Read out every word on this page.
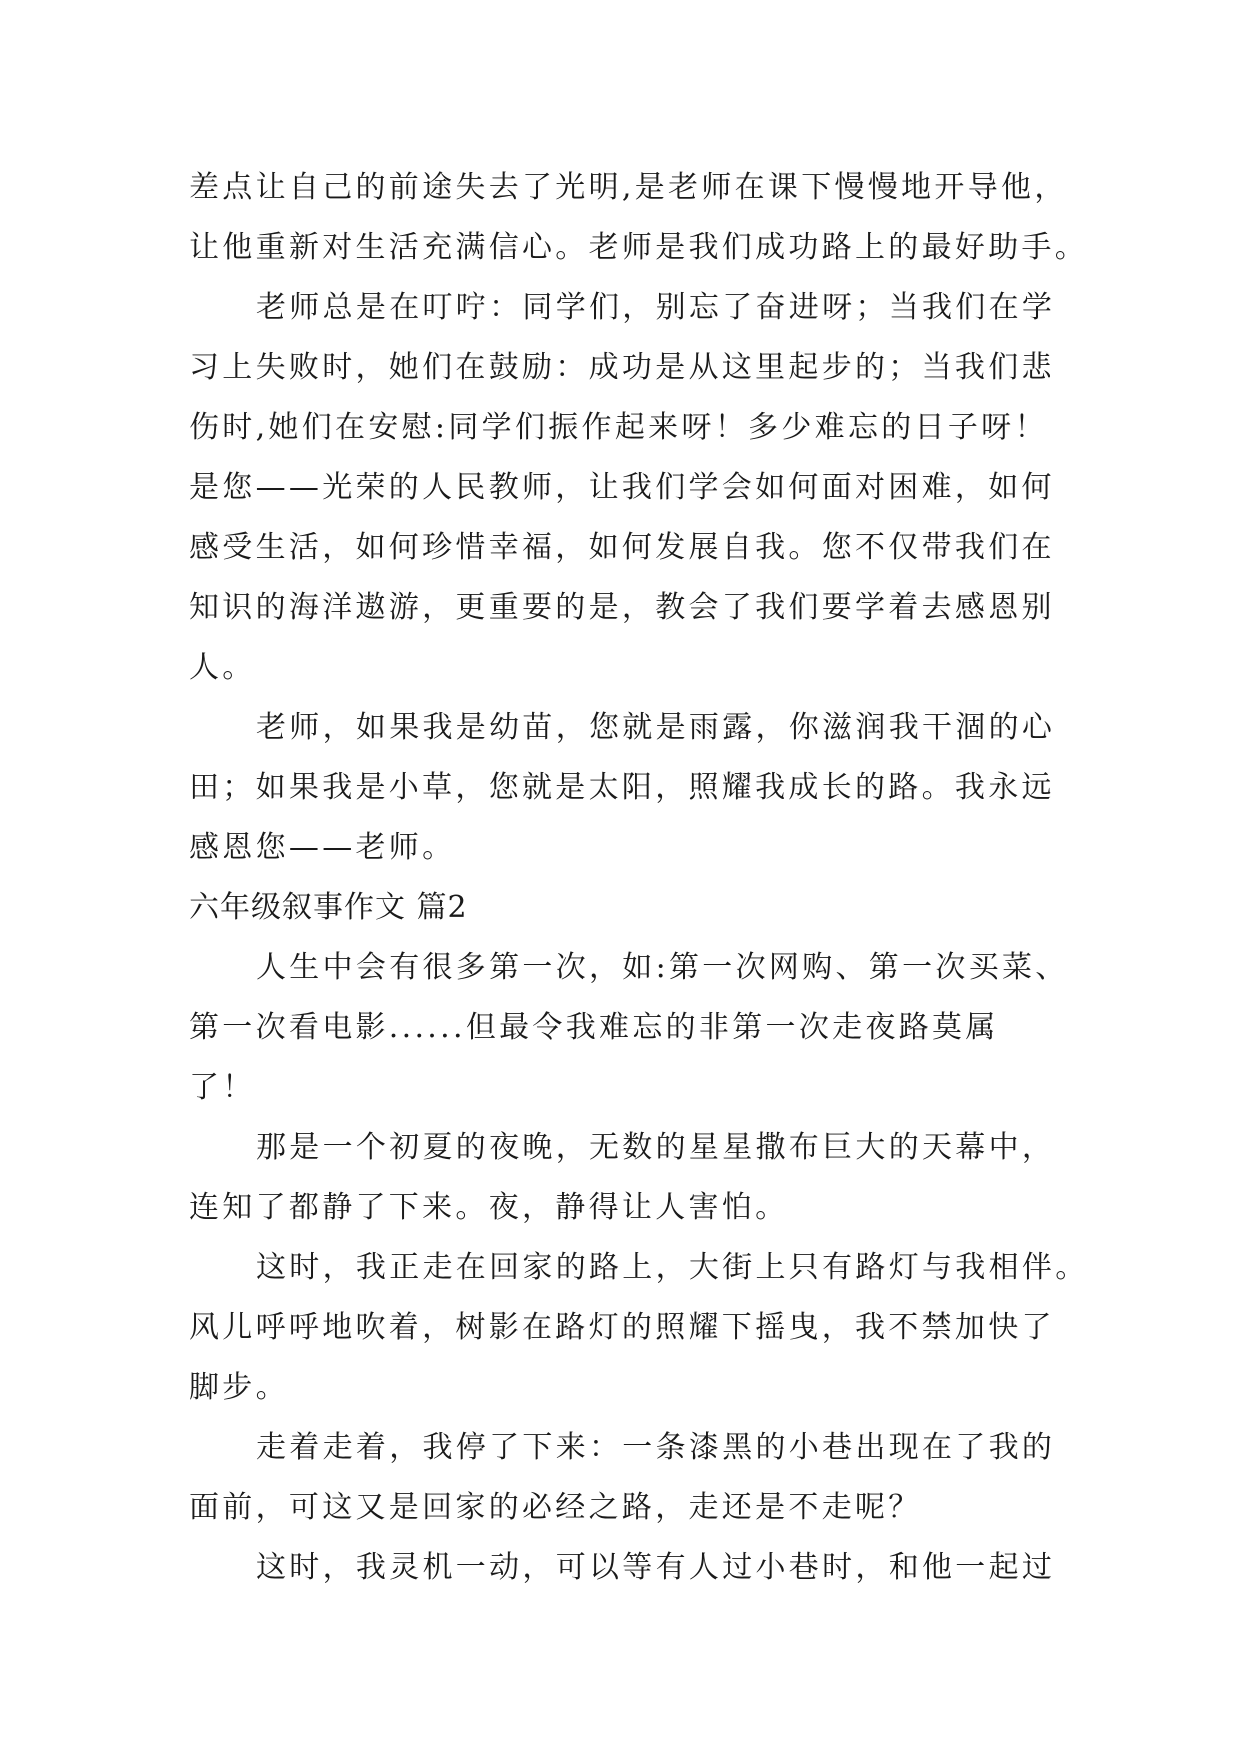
差点让自己的前途失去了光明,是老师在课下慢慢地开导他，
让他重新对生活充满信心。老师是我们成功路上的最好助手。
老师总是在叮咛：同学们，别忘了奋进呀；当我们在学
习上失败时，她们在鼓励：成功是从这里起步的；当我们悲
伤时,她们在安慰:同学们振作起来呀！多少难忘的日子呀！
是您——光荣的人民教师，让我们学会如何面对困难，如何
感受生活，如何珍惜幸福，如何发展自我。您不仅带我们在
知识的海洋遨游，更重要的是，教会了我们要学着去感恩别
人。
老师，如果我是幼苗，您就是雨露，你滋润我干涸的心
田；如果我是小草，您就是太阳，照耀我成长的路。我永远
感恩您——老师。
六年级叙事作文 篇2
人生中会有很多第一次，如:第一次网购、第一次买菜、
第一次看电影......但最令我难忘的非第一次走夜路莫属
了！
那是一个初夏的夜晚，无数的星星撒布巨大的天幕中，
连知了都静了下来。夜，静得让人害怕。
这时，我正走在回家的路上，大街上只有路灯与我相伴。
风儿呼呼地吹着，树影在路灯的照耀下摇曳，我不禁加快了
脚步。
走着走着，我停了下来：一条漆黑的小巷出现在了我的
面前，可这又是回家的必经之路，走还是不走呢？
这时，我灵机一动，可以等有人过小巷时，和他一起过
